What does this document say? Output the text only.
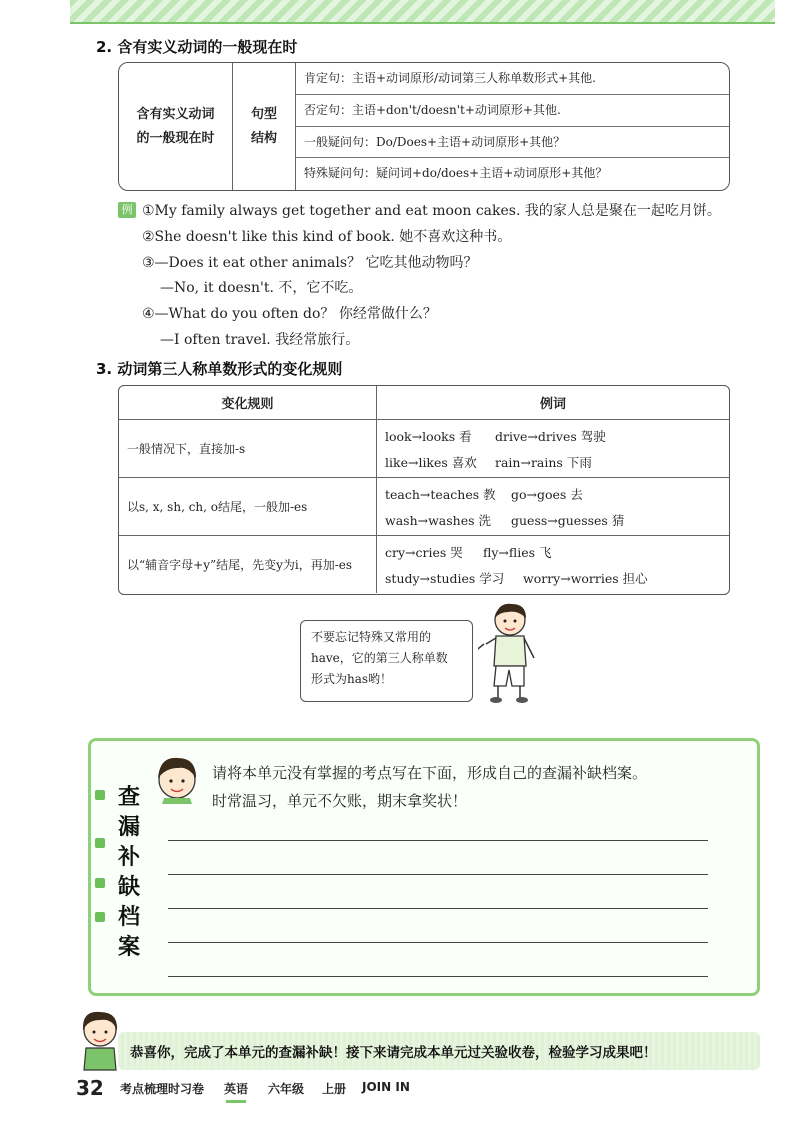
2. 含有实义动词的一般现在时
含有实义动词
的一般现在时
句型
结构
肯定句：主语+动词原形/动词第三人称单数形式+其他.
否定句：主语+don't/doesn't+动词原形+其他.
一般疑问句：Do/Does+主语+动词原形+其他？
特殊疑问句：疑问词+do/does+主语+动词原形+其他？
例 ①My family always get together and eat moon cakes. 我的家人总是聚在一起吃月饼。
②She doesn't like this kind of book. 她不喜欢这种书。
③—Does it eat other animals？ 它吃其他动物吗？
—No, it doesn't. 不，它不吃。
④—What do you often do？ 你经常做什么？
—I often travel. 我经常旅行。
3. 动词第三人称单数形式的变化规则
变化规则	例词
一般情况下，直接加-s
look→looks 看 drive→drives 驾驶
like→likes 喜欢 rain→rains 下雨
以s, x, sh, ch, o结尾，一般加-es
teach→teaches 教 go→goes 去
wash→washes 洗 guess→guesses 猜
以“辅音字母+y”结尾，先变y为i，再加-es
cry→cries 哭 fly→flies 飞
study→studies 学习 worry→worries 担心
不要忘记特殊又常用的
have，它的第三人称单数
形式为has哟！
查
漏
补
缺
档
案
请将本单元没有掌握的考点写在下面，形成自己的查漏补缺档案。
时常温习，单元不欠账，期末拿奖状！
恭喜你，完成了本单元的查漏补缺！接下来请完成本单元过关验收卷，检验学习成果吧！
32 考点梳理时习卷 英语 六年级 上册 JOIN IN
